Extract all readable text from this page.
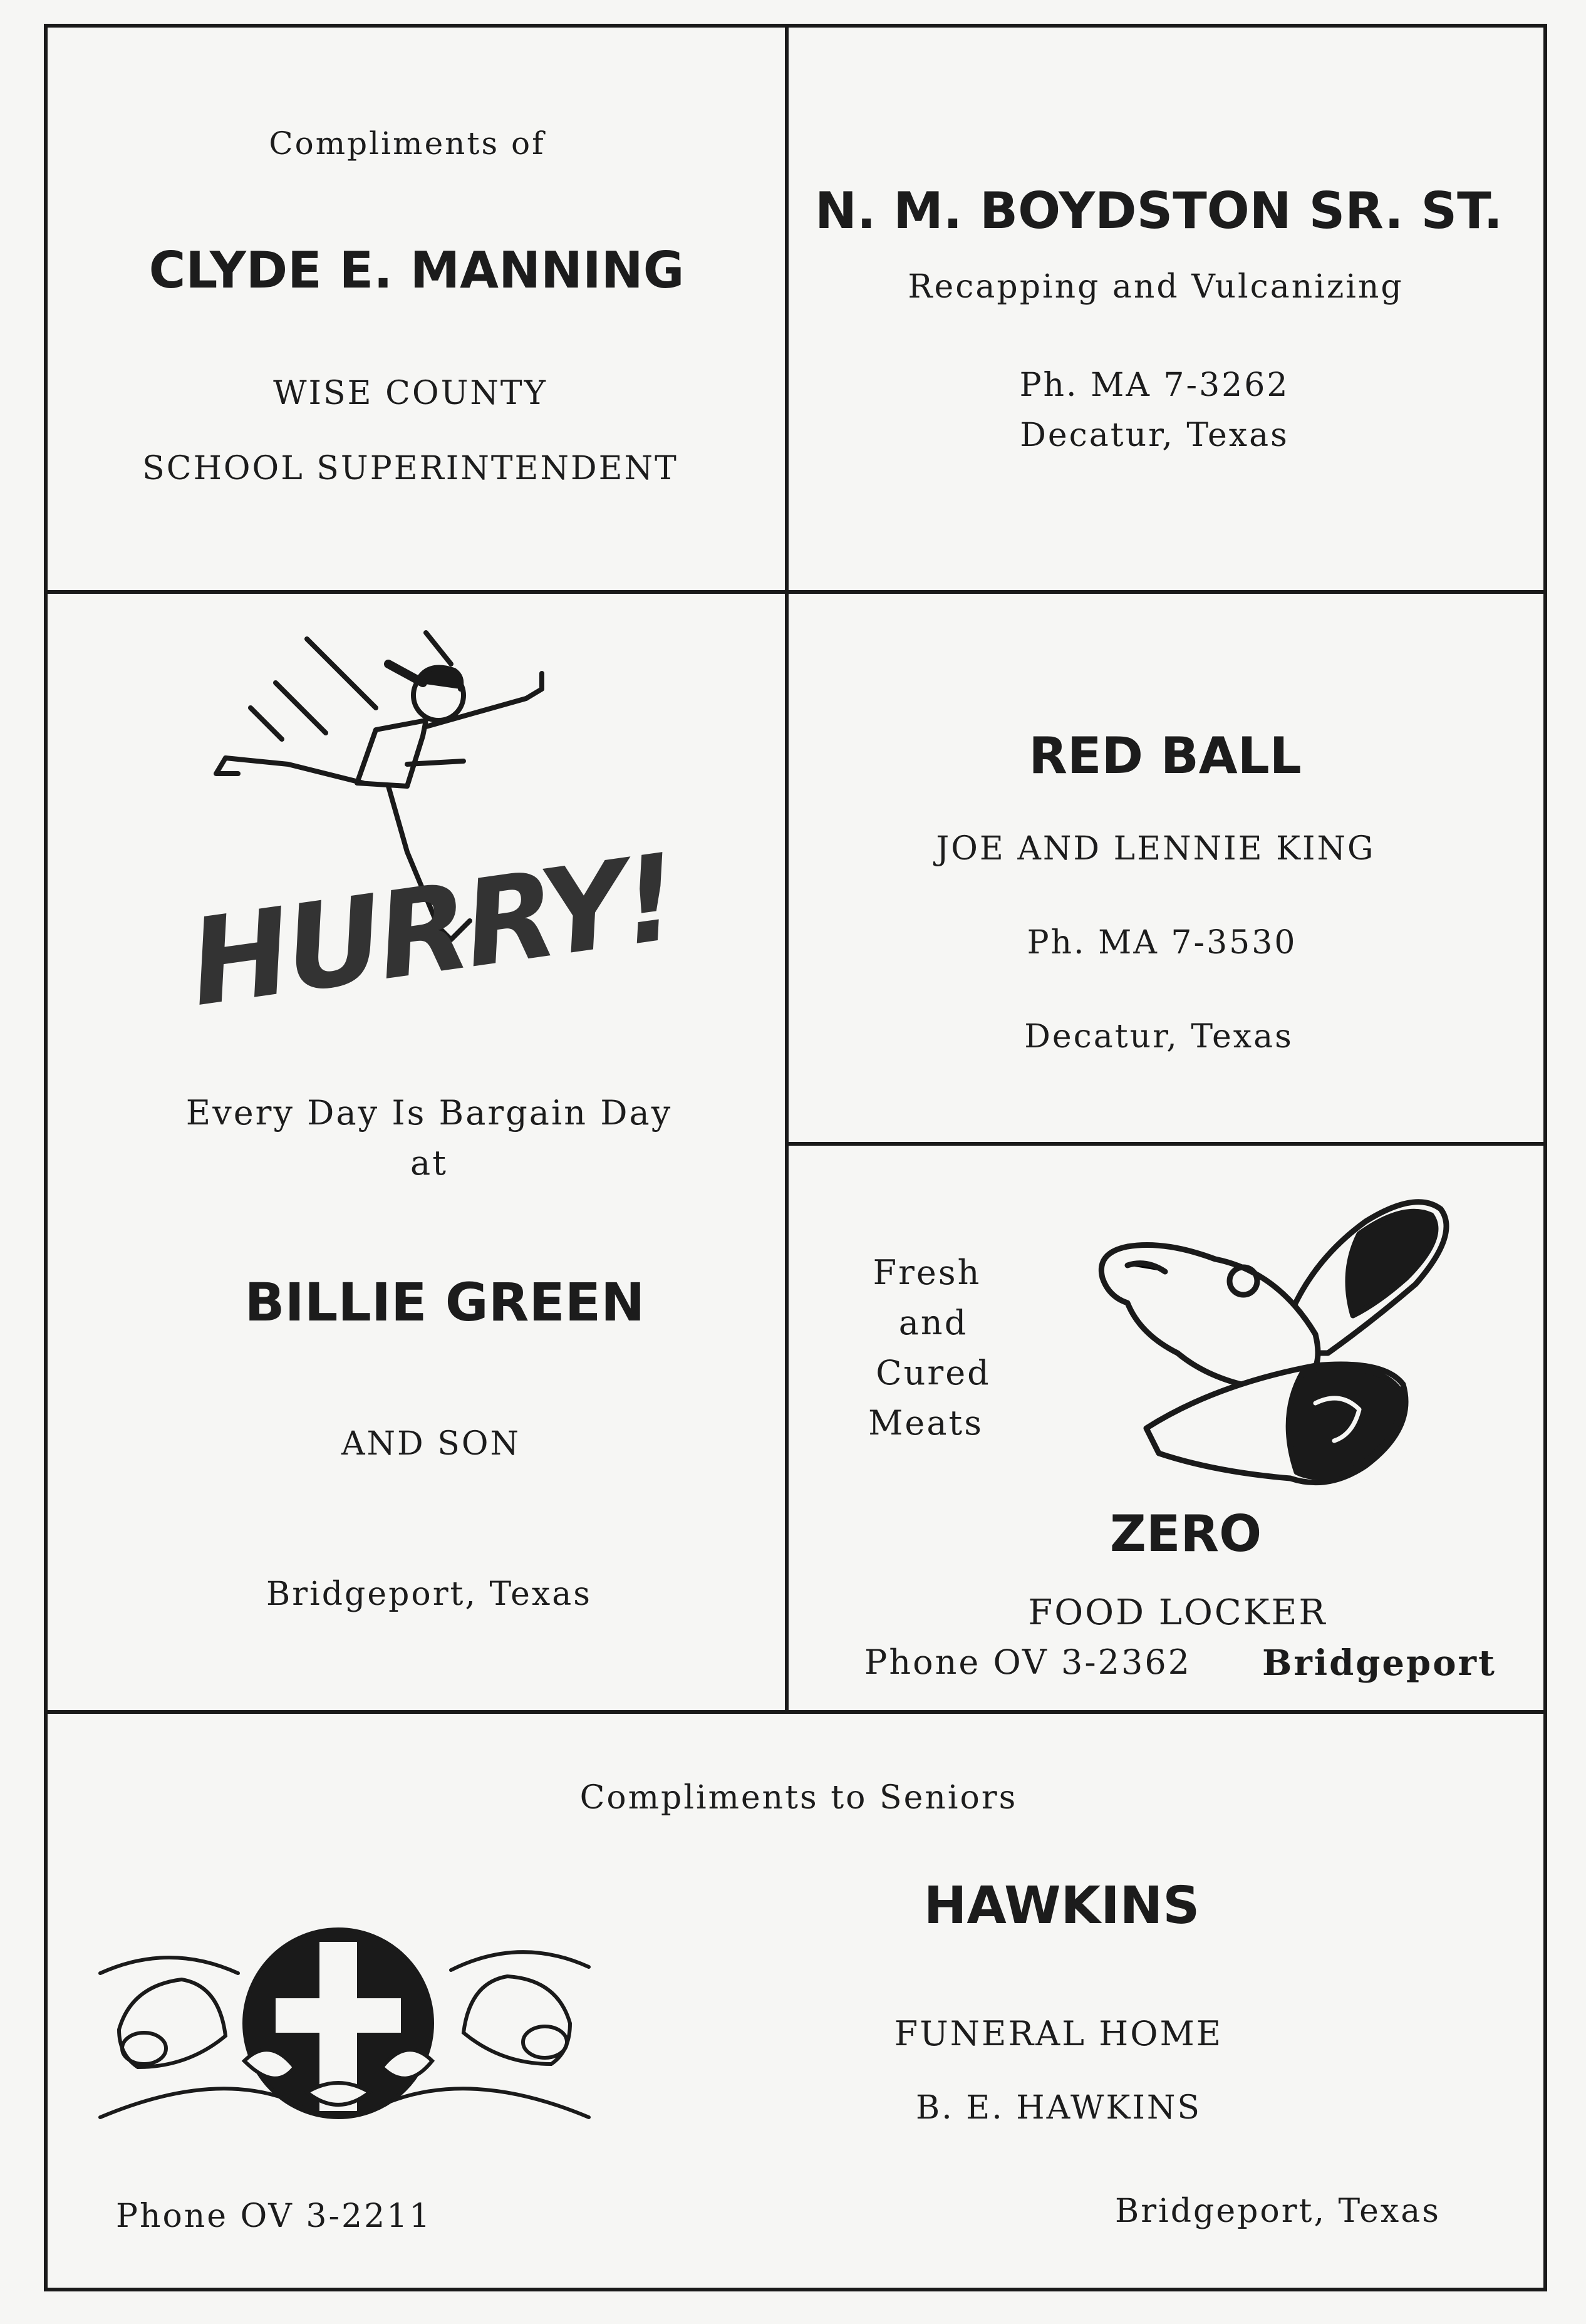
Compliments of
CLYDE E. MANNING
WISE COUNTY
SCHOOL SUPERINTENDENT
N. M. BOYDSTON SR. ST.
Recapping and Vulcanizing
Ph. MA 7-3262
Decatur, Texas
HURRY!
Every Day Is Bargain Day
at
BILLIE GREEN
AND SON
Bridgeport, Texas
RED BALL
JOE AND LENNIE KING
Ph. MA 7-3530
Decatur, Texas
Fresh
and
Cured
Meats
ZERO
FOOD LOCKER
Phone OV 3-2362 Bridgeport
Compliments to Seniors
HAWKINS
FUNERAL HOME
B. E. HAWKINS
Phone OV 3-2211	Bridgeport, Texas
